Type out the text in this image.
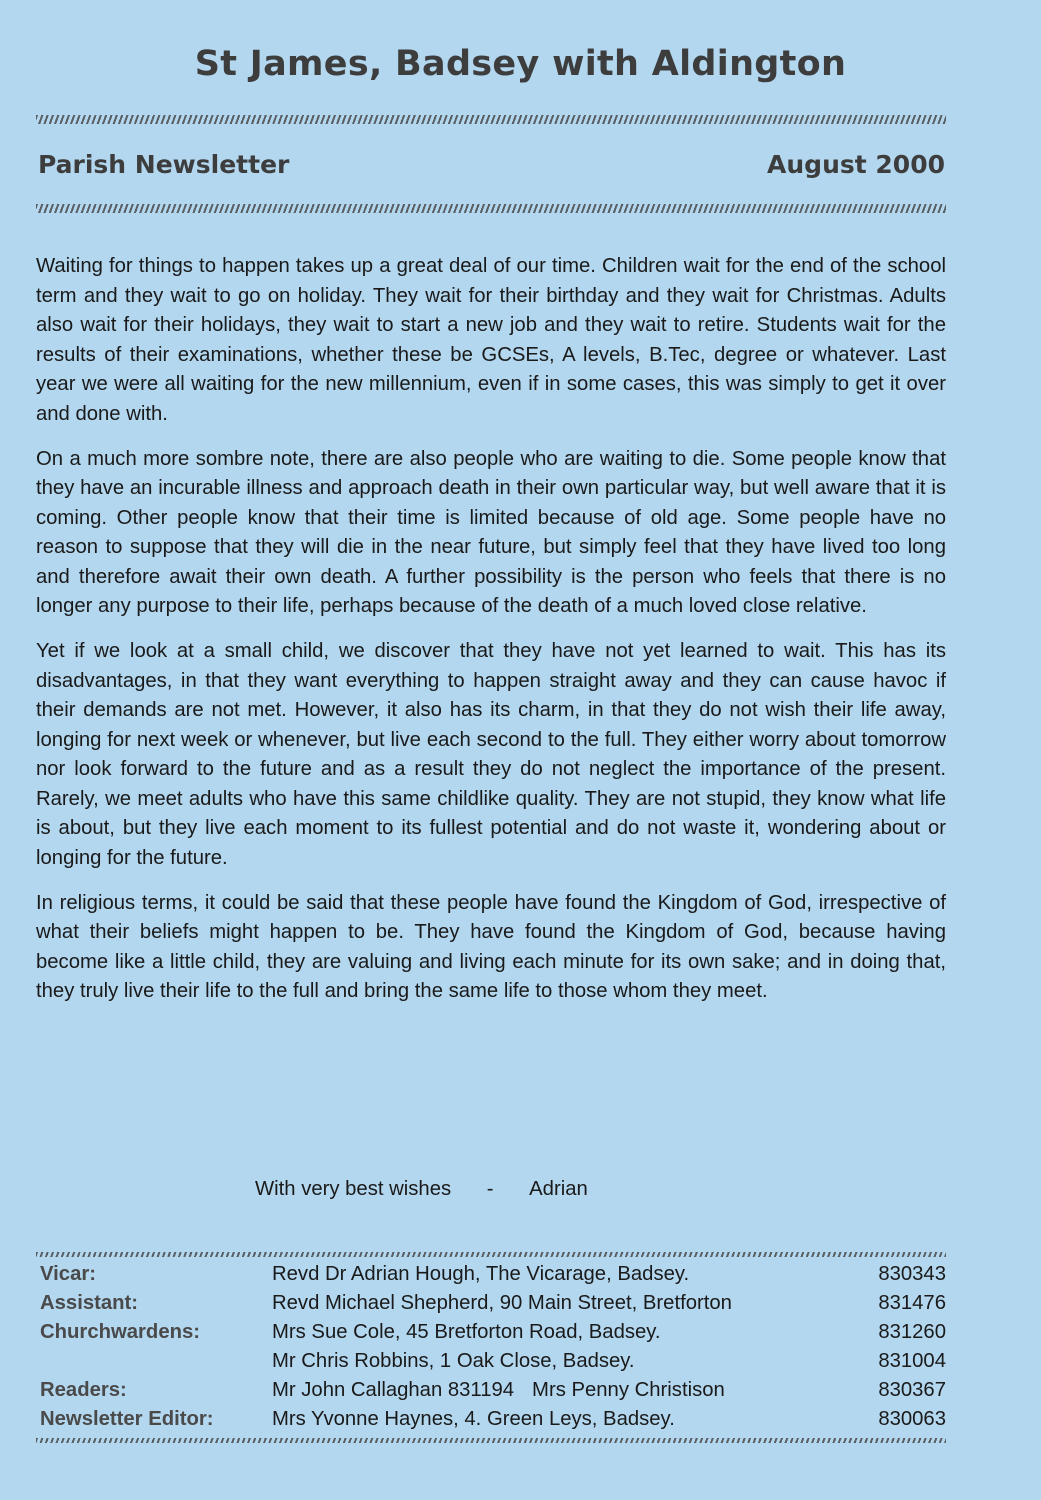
St James, Badsey with Aldington
Parish Newsletter	August 2000

Waiting for things to happen takes up a great deal of our time. Children wait for the end of the school term and they wait to go on holiday. They wait for their birthday and they wait for Christmas. Adults also wait for their holidays, they wait to start a new job and they wait to retire. Students wait for the results of their examinations, whether these be GCSEs, A levels, B.Tec, degree or whatever. Last year we were all waiting for the new millennium, even if in some cases, this was simply to get it over and done with.

On a much more sombre note, there are also people who are waiting to die. Some people know that they have an incurable illness and approach death in their own particular way, but well aware that it is coming. Other people know that their time is limited because of old age. Some people have no reason to suppose that they will die in the near future, but simply feel that they have lived too long and therefore await their own death. A further possibility is the person who feels that there is no longer any purpose to their life, perhaps because of the death of a much loved close relative.

Yet if we look at a small child, we discover that they have not yet learned to wait. This has its disadvantages, in that they want everything to happen straight away and they can cause havoc if their demands are not met. However, it also has its charm, in that they do not wish their life away, longing for next week or whenever, but live each second to the full. They either worry about tomorrow nor look forward to the future and as a result they do not neglect the importance of the present. Rarely, we meet adults who have this same childlike quality. They are not stupid, they know what life is about, but they live each moment to its fullest potential and do not waste it, wondering about or longing for the future.

In religious terms, it could be said that these people have found the Kingdom of God, irrespective of what their beliefs might happen to be. They have found the Kingdom of God, because having become like a little child, they are valuing and living each minute for its own sake; and in doing that, they truly live their life to the full and bring the same life to those whom they meet.

With very best wishes - Adrian
Vicar:	Revd Dr Adrian Hough, The Vicarage, Badsey.	830343
Assistant:	Revd Michael Shepherd, 90 Main Street, Bretforton	831476
Churchwardens:	Mrs Sue Cole, 45 Bretforton Road, Badsey.	831260
	Mr Chris Robbins, 1 Oak Close, Badsey.	831004
Readers:	Mr John Callaghan 831194 Mrs Penny Christison	830367
Newsletter Editor:	Mrs Yvonne Haynes, 4. Green Leys, Badsey.	830063
